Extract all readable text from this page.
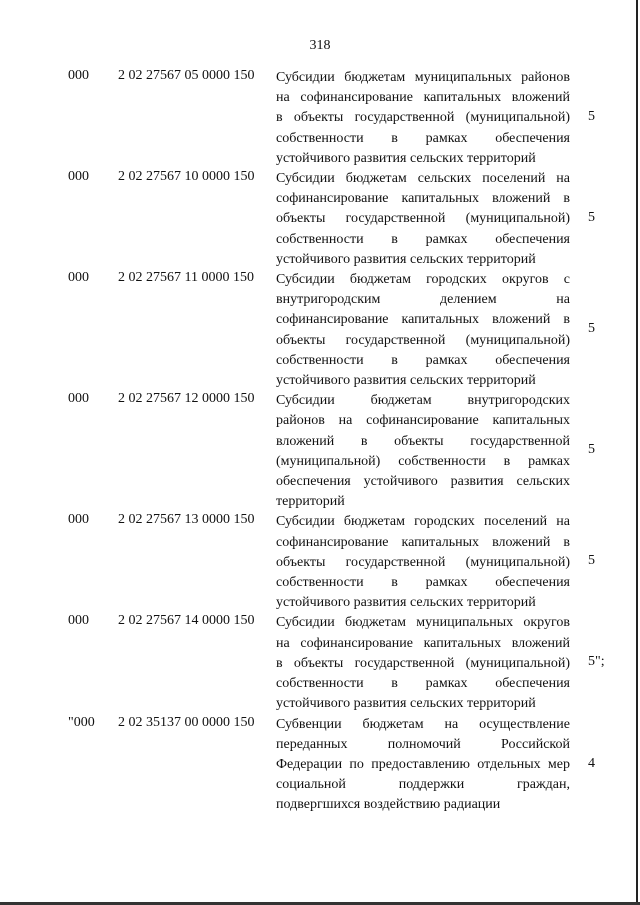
318
000	2 02 27567 05 0000 150	Субсидии бюджетам муниципальных районов
на софинансирование капитальных вложений
в объекты государственной (муниципальной)
собственности в рамках обеспечения
устойчивого развития сельских территорий
5
000	2 02 27567 10 0000 150	Субсидии бюджетам сельских поселений на
софинансирование капитальных вложений в
объекты государственной (муниципальной)
собственности в рамках обеспечения
устойчивого развития сельских территорий
5
000	2 02 27567 11 0000 150	Субсидии бюджетам городских округов с
внутригородским делением на
софинансирование капитальных вложений в
объекты государственной (муниципальной)
собственности в рамках обеспечения
устойчивого развития сельских территорий
5
000	2 02 27567 12 0000 150	Субсидии бюджетам внутригородских
районов на софинансирование капитальных
вложений в объекты государственной
(муниципальной) собственности в рамках
обеспечения устойчивого развития сельских
территорий
5
000	2 02 27567 13 0000 150	Субсидии бюджетам городских поселений на
софинансирование капитальных вложений в
объекты государственной (муниципальной)
собственности в рамках обеспечения
устойчивого развития сельских территорий
5
000	2 02 27567 14 0000 150	Субсидии бюджетам муниципальных округов
на софинансирование капитальных вложений
в объекты государственной (муниципальной)
собственности в рамках обеспечения
устойчивого развития сельских территорий
5";
"000	2 02 35137 00 0000 150	Субвенции бюджетам на осуществление
переданных полномочий Российской
Федерации по предоставлению отдельных мер
социальной поддержки граждан,
подвергшихся воздействию радиации
4
